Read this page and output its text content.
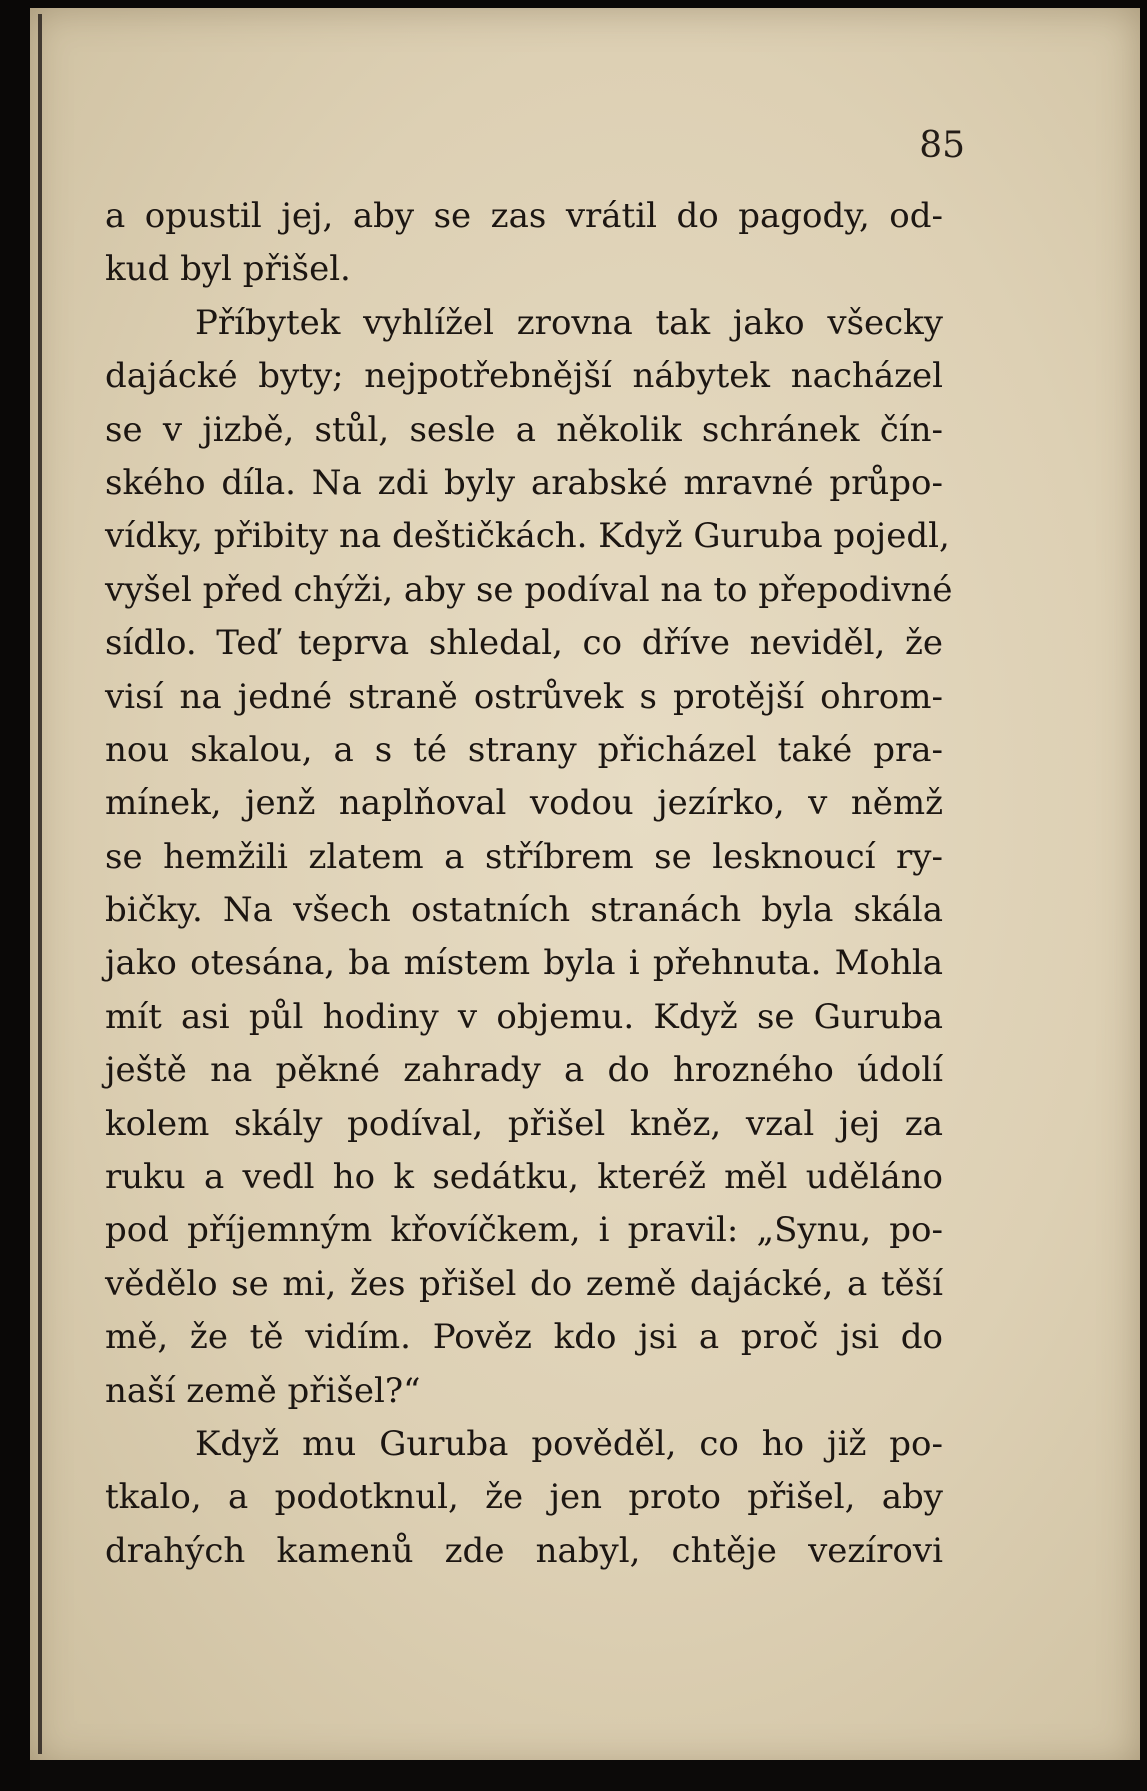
85
a opustil jej, aby se zas vrátil do pagody, od-
kud byl přišel.
Příbytek vyhlížel zrovna tak jako všecky
dajácké byty; nejpotřebnější nábytek nacházel
se v jizbě, stůl, sesle a několik schránek čín-
ského díla. Na zdi byly arabské mravné průpo-
vídky, přibity na deštičkách. Když Guruba pojedl,
vyšel před chýži, aby se podíval na to přepodivné
sídlo. Teď teprva shledal, co dříve neviděl, že
visí na jedné straně ostrůvek s protější ohrom-
nou skalou, a s té strany přicházel také pra-
mínek, jenž naplňoval vodou jezírko, v němž
se hemžili zlatem a stříbrem se lesknoucí ry-
bičky. Na všech ostatních stranách byla skála
jako otesána, ba místem byla i přehnuta. Mohla
mít asi půl hodiny v objemu. Když se Guruba
ještě na pěkné zahrady a do hrozného údolí
kolem skály podíval, přišel kněz, vzal jej za
ruku a vedl ho k sedátku, kteréž měl uděláno
pod příjemným křovíčkem, i pravil: „Synu, po-
vědělo se mi, žes přišel do země dajácké, a těší
mě, že tě vidím. Pověz kdo jsi a proč jsi do
naší země přišel?“
Když mu Guruba pověděl, co ho již po-
tkalo, a podotknul, že jen proto přišel, aby
drahých kamenů zde nabyl, chtěje vezírovi
